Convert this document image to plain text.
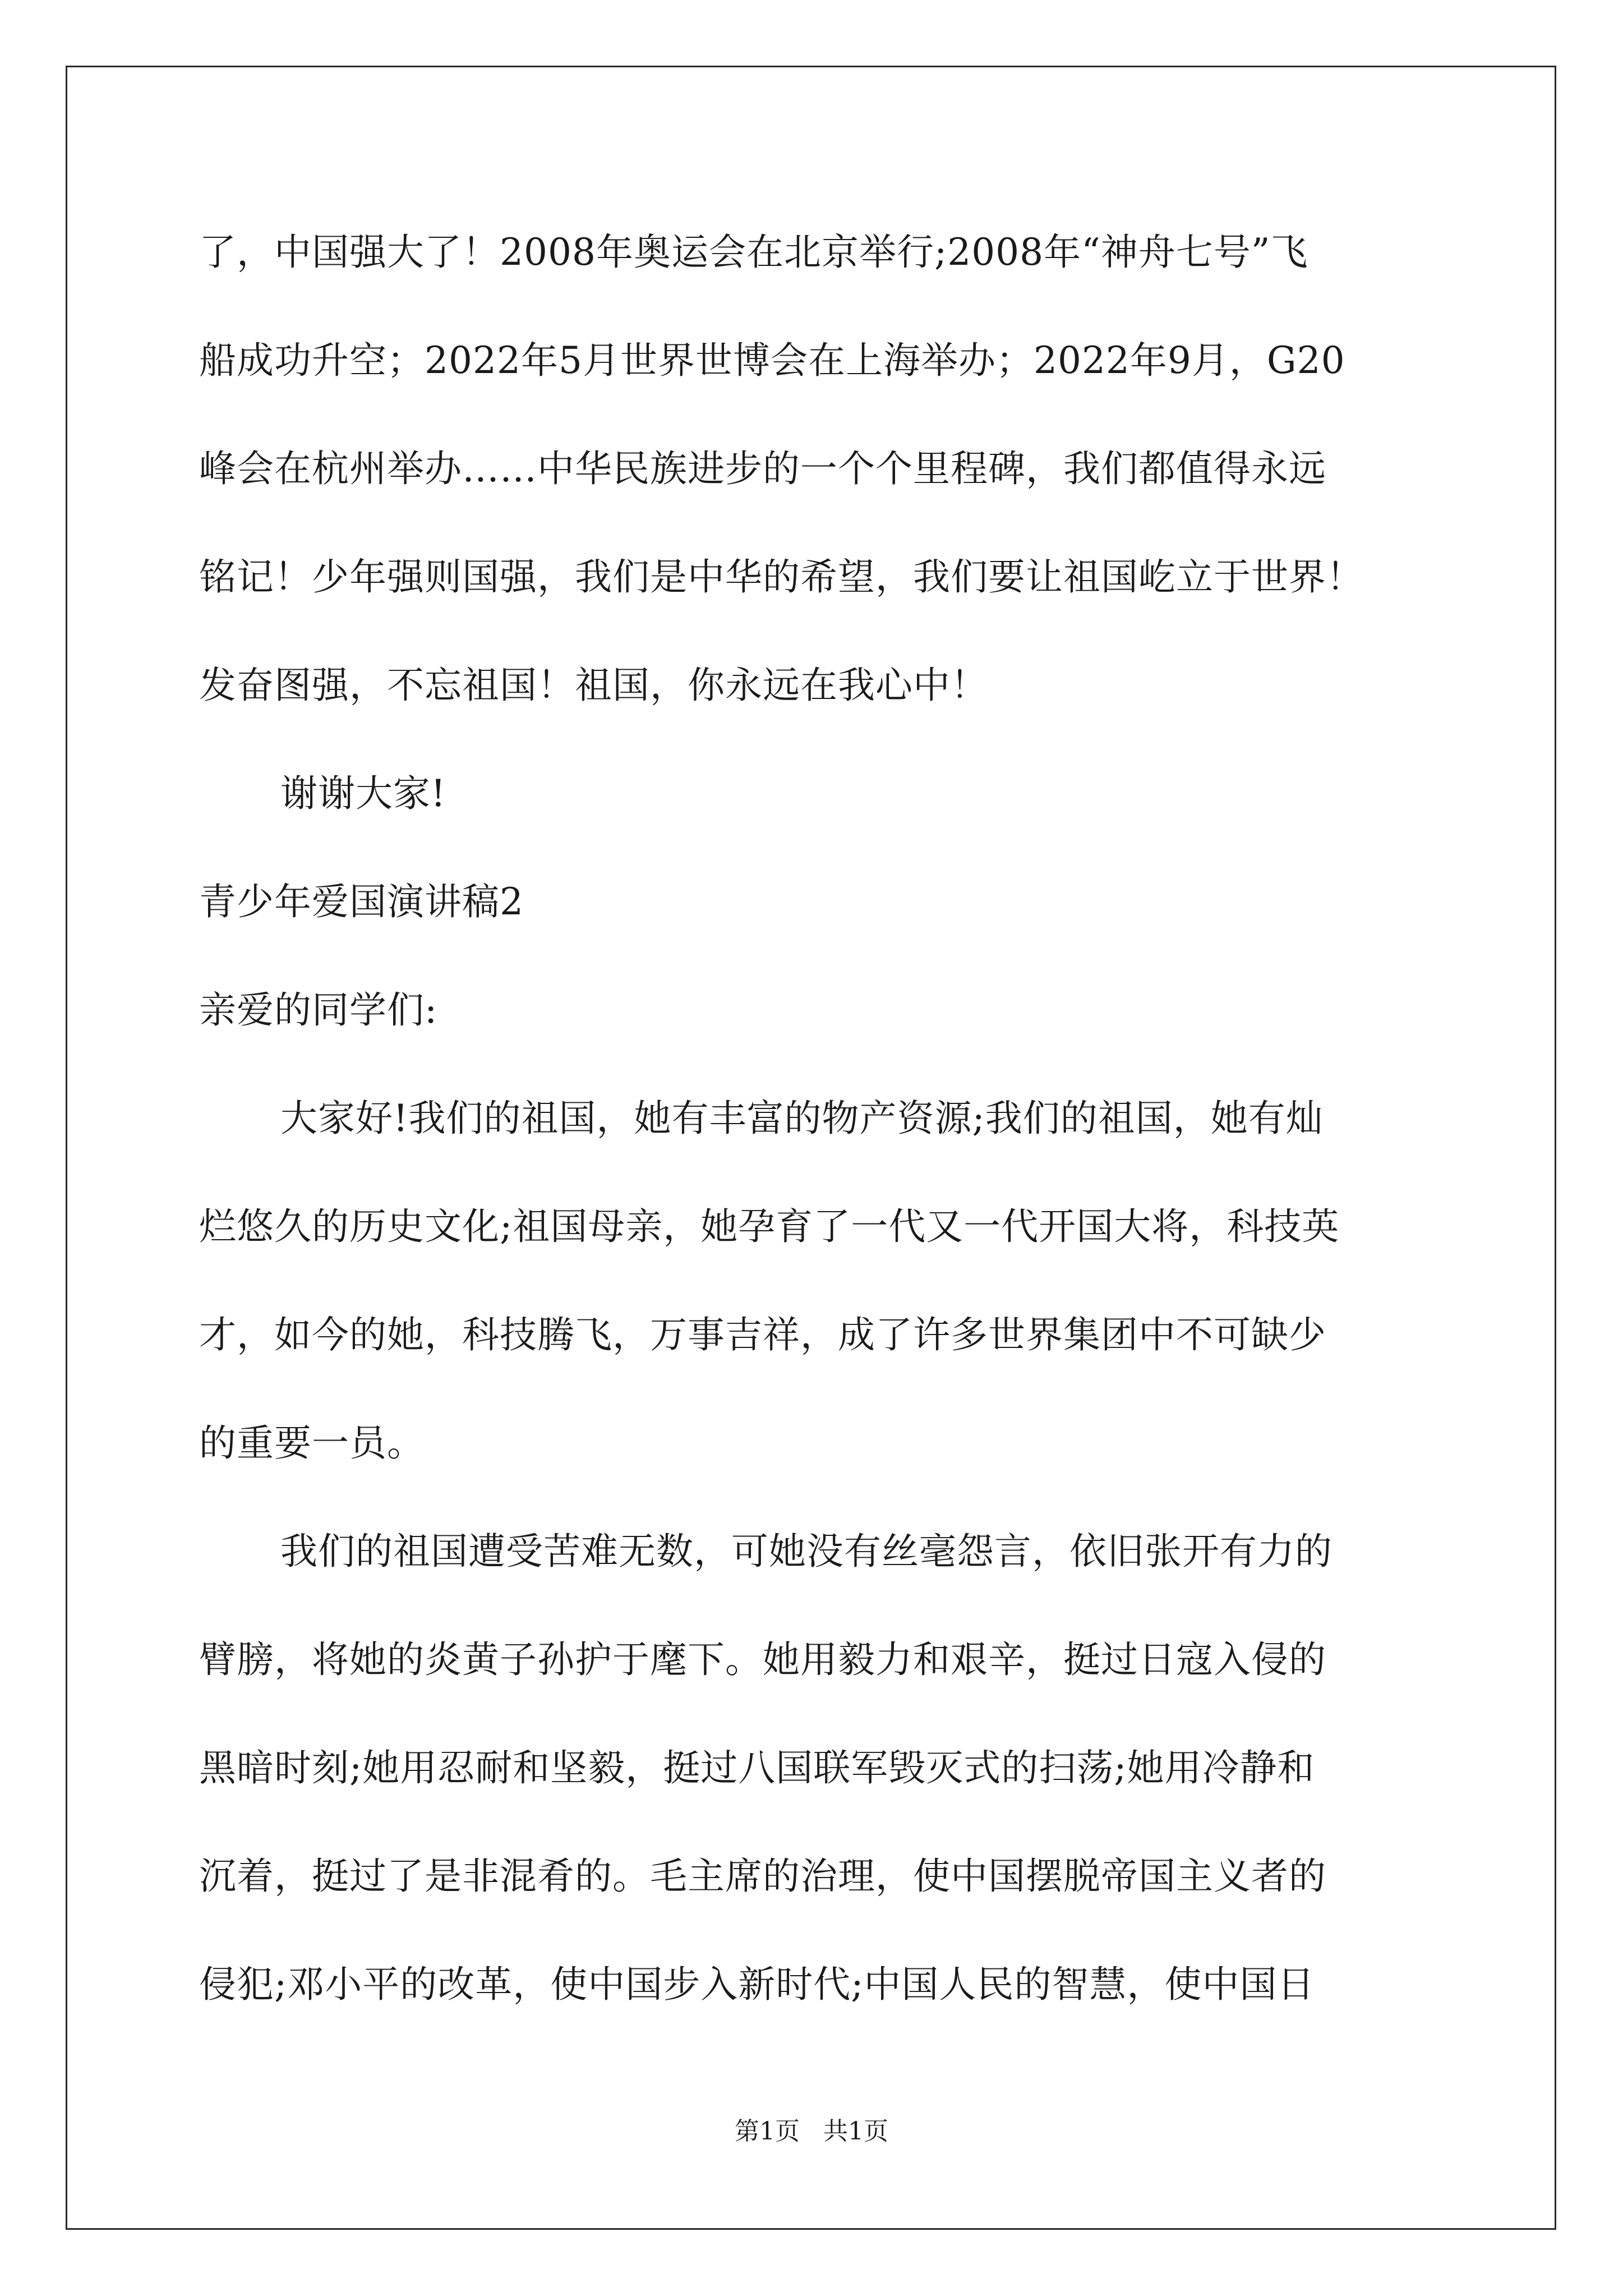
了，中国强大了！2008年奥运会在北京举行;2008年“神舟七号”飞
船成功升空；2022年5月世界世博会在上海举办；2022年9月，G20
峰会在杭州举办……中华民族进步的一个个里程碑，我们都值得永远
铭记！少年强则国强，我们是中华的希望，我们要让祖国屹立于世界！
发奋图强，不忘祖国！祖国，你永远在我心中！
谢谢大家!
青少年爱国演讲稿2
亲爱的同学们:
大家好!我们的祖国，她有丰富的物产资源;我们的祖国，她有灿
烂悠久的历史文化;祖国母亲，她孕育了一代又一代开国大将，科技英
才，如今的她，科技腾飞，万事吉祥，成了许多世界集团中不可缺少
的重要一员。
我们的祖国遭受苦难无数，可她没有丝毫怨言，依旧张开有力的
臂膀，将她的炎黄子孙护于麾下。她用毅力和艰辛，挺过日寇入侵的
黑暗时刻;她用忍耐和坚毅，挺过八国联军毁灭式的扫荡;她用冷静和
沉着，挺过了是非混肴的。毛主席的治理，使中国摆脱帝国主义者的
侵犯;邓小平的改革，使中国步入新时代;中国人民的智慧，使中国日
第1页   共1页
